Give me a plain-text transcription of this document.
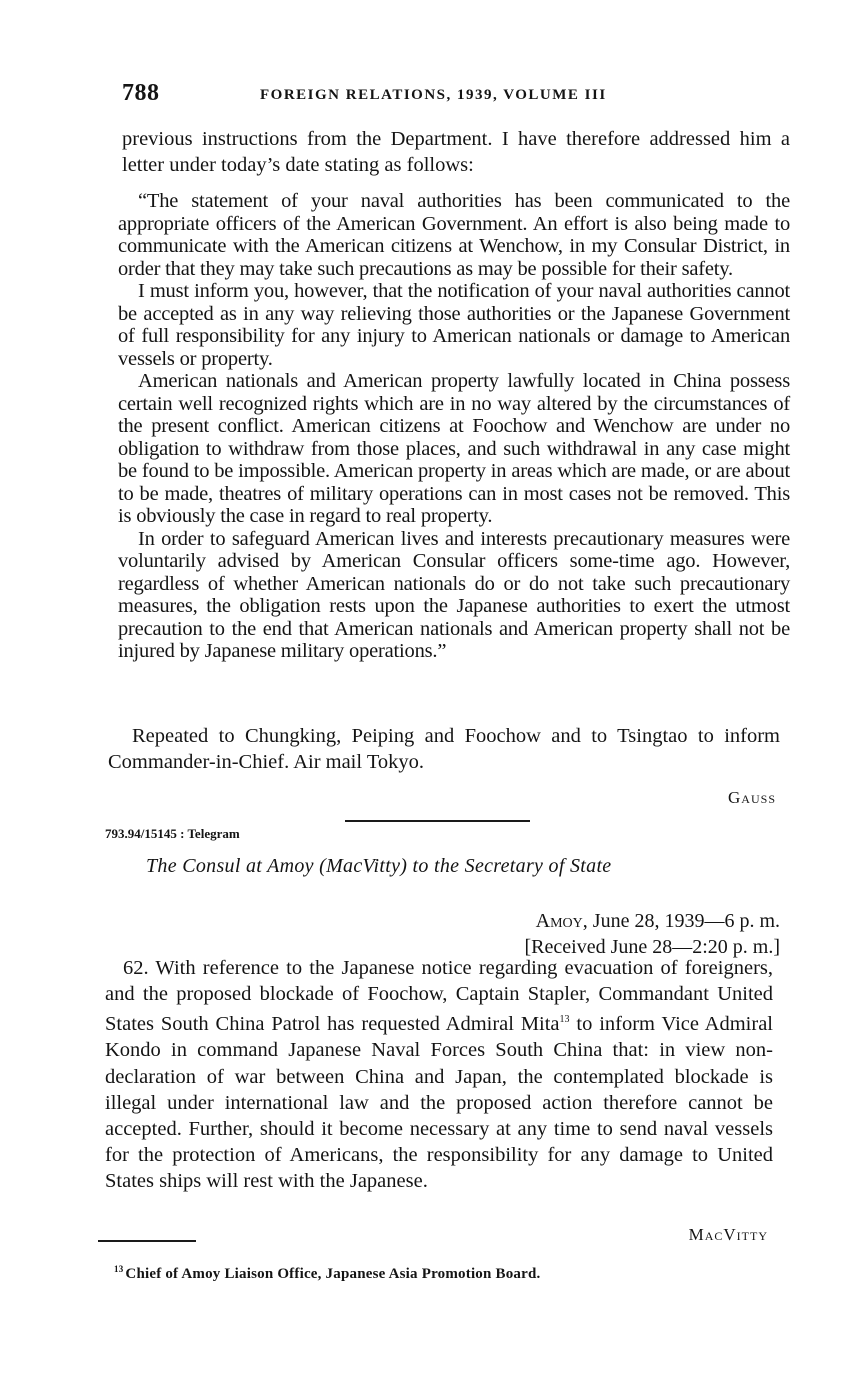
788	FOREIGN RELATIONS, 1939, VOLUME III

previous instructions from the Department. I have therefore addressed him a letter under today’s date stating as follows:

“The statement of your naval authorities has been communicated to the appropriate officers of the American Government. An effort is also being made to communicate with the American citizens at Wenchow, in my Consular District, in order that they may take such precautions as may be possible for their safety.

I must inform you, however, that the notification of your naval authorities cannot be accepted as in any way relieving those authorities or the Japanese Government of full responsibility for any injury to American nationals or damage to American vessels or property.

American nationals and American property lawfully located in China possess certain well recognized rights which are in no way altered by the circumstances of the present conflict. American citizens at Foochow and Wenchow are under no obligation to withdraw from those places, and such withdrawal in any case might be found to be impossible. American property in areas which are made, or are about to be made, theatres of military operations can in most cases not be removed. This is obviously the case in regard to real property.

In order to safeguard American lives and interests precautionary measures were voluntarily advised by American Consular officers some-time ago. However, regardless of whether American nationals do or do not take such precautionary measures, the obligation rests upon the Japanese authorities to exert the utmost precaution to the end that American nationals and American property shall not be injured by Japanese military operations.”

Repeated to Chungking, Peiping and Foochow and to Tsingtao to inform Commander-in-Chief. Air mail Tokyo.

Gauss
793.94/15145 : Telegram
The Consul at Amoy (MacVitty) to the Secretary of State
Amoy, June 28, 1939—6 p. m.
[Received June 28—2:20 p. m.]

62. With reference to the Japanese notice regarding evacuation of foreigners, and the proposed blockade of Foochow, Captain Stapler, Commandant United States South China Patrol has requested Admiral Mita$^{13}$ to inform Vice Admiral Kondo in command Japanese Naval Forces South China that: in view non-declaration of war between China and Japan, the contemplated blockade is illegal under international law and the proposed action therefore cannot be accepted. Further, should it become necessary at any time to send naval vessels for the protection of Americans, the responsibility for any damage to United States ships will rest with the Japanese.

MacVitty
$^{13}$ Chief of Amoy Liaison Office, Japanese Asia Promotion Board.
